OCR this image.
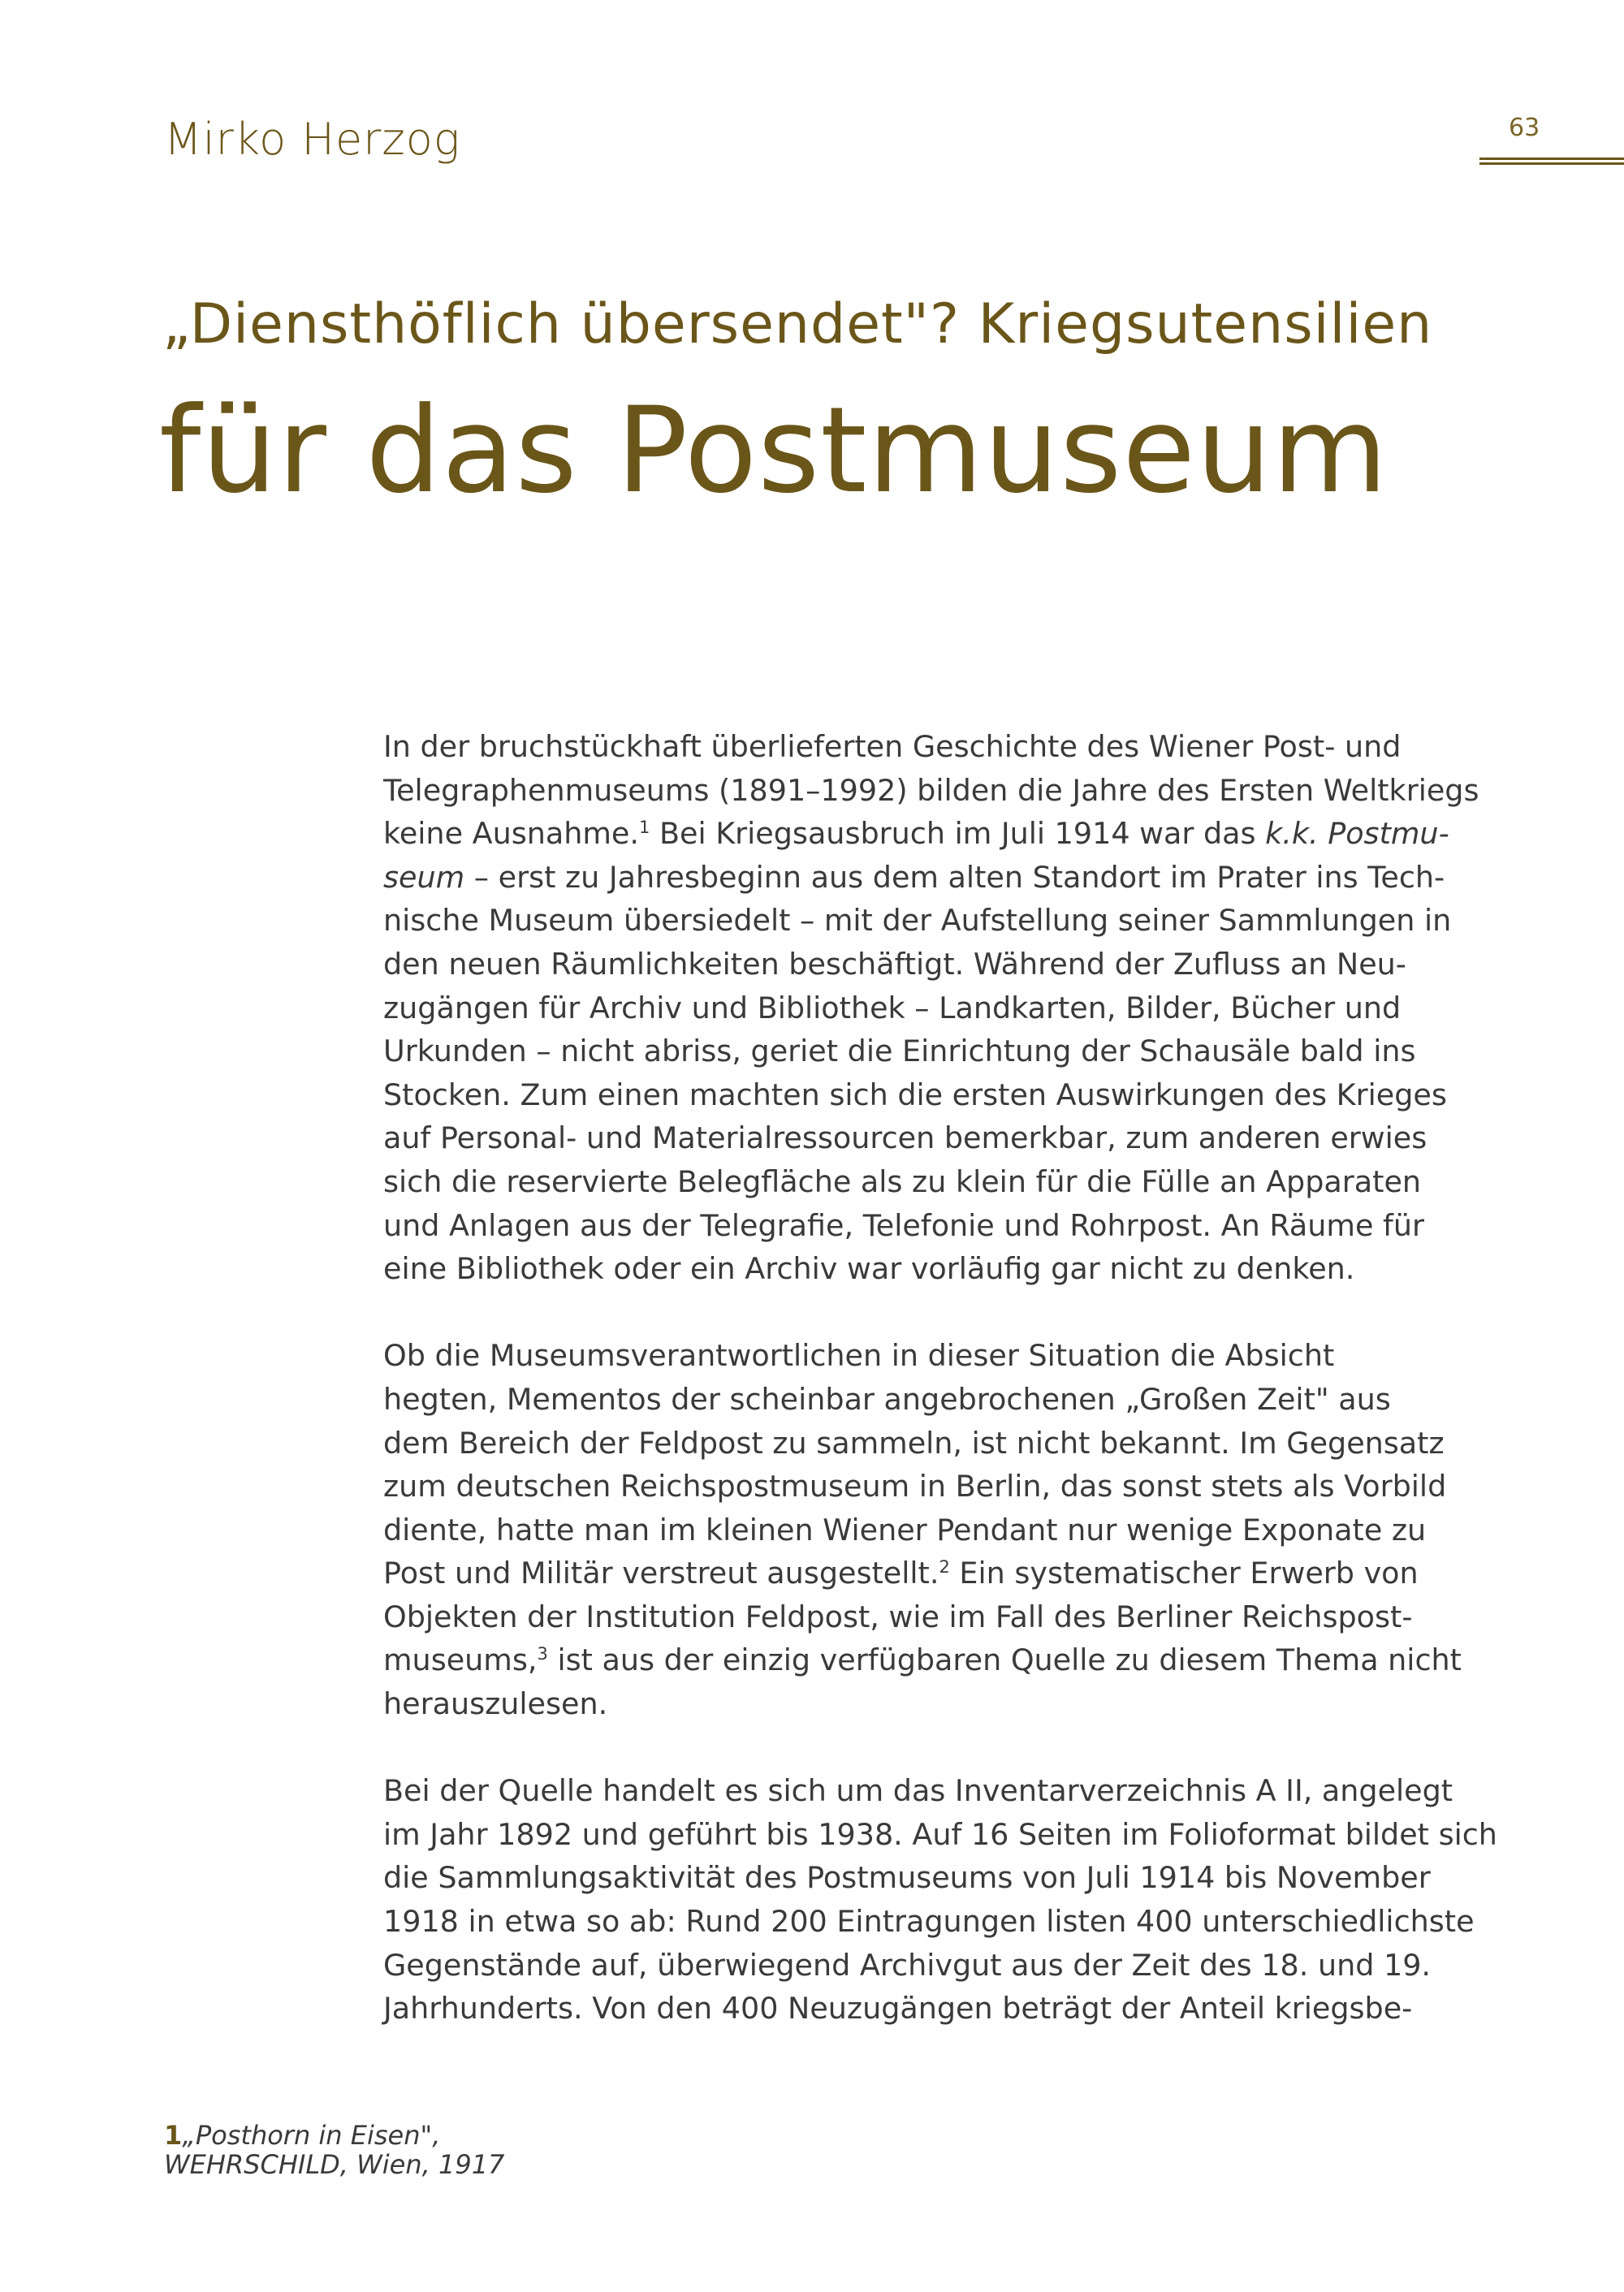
Mirko Herzog	63
„Diensthöflich übersendet"? Kriegsutensilien
für das Postmuseum
In der bruchstückhaft überlieferten Geschichte des Wiener Post- und
Telegraphenmuseums (1891–1992) bilden die Jahre des Ersten Weltkriegs
keine Ausnahme.$^1$ Bei Kriegsausbruch im Juli 1914 war das k.k. Postmu-
seum – erst zu Jahresbeginn aus dem alten Standort im Prater ins Tech-
nische Museum übersiedelt – mit der Aufstellung seiner Sammlungen in
den neuen Räumlichkeiten beschäftigt. Während der Zufluss an Neu-
zugängen für Archiv und Bibliothek – Landkarten, Bilder, Bücher und
Urkunden – nicht abriss, geriet die Einrichtung der Schausäle bald ins
Stocken. Zum einen machten sich die ersten Auswirkungen des Krieges
auf Personal- und Materialressourcen bemerkbar, zum anderen erwies
sich die reservierte Belegfläche als zu klein für die Fülle an Apparaten
und Anlagen aus der Telegrafie, Telefonie und Rohrpost. An Räume für
eine Bibliothek oder ein Archiv war vorläufig gar nicht zu denken.
Ob die Museumsverantwortlichen in dieser Situation die Absicht
hegten, Mementos der scheinbar angebrochenen „Großen Zeit" aus
dem Bereich der Feldpost zu sammeln, ist nicht bekannt. Im Gegensatz
zum deutschen Reichspostmuseum in Berlin, das sonst stets als Vorbild
diente, hatte man im kleinen Wiener Pendant nur wenige Exponate zu
Post und Militär verstreut ausgestellt.$^2$ Ein systematischer Erwerb von
Objekten der Institution Feldpost, wie im Fall des Berliner Reichspost-
museums,$^3$ ist aus der einzig verfügbaren Quelle zu diesem Thema nicht
herauszulesen.
Bei der Quelle handelt es sich um das Inventarverzeichnis A II, angelegt
im Jahr 1892 und geführt bis 1938. Auf 16 Seiten im Folioformat bildet sich
die Sammlungsaktivität des Postmuseums von Juli 1914 bis November
1918 in etwa so ab: Rund 200 Eintragungen listen 400 unterschiedlichste
Gegenstände auf, überwiegend Archivgut aus der Zeit des 18. und 19.
Jahrhunderts. Von den 400 Neuzugängen beträgt der Anteil kriegsbe-
1„Posthorn in Eisen",
WEHRSCHILD, Wien, 1917
